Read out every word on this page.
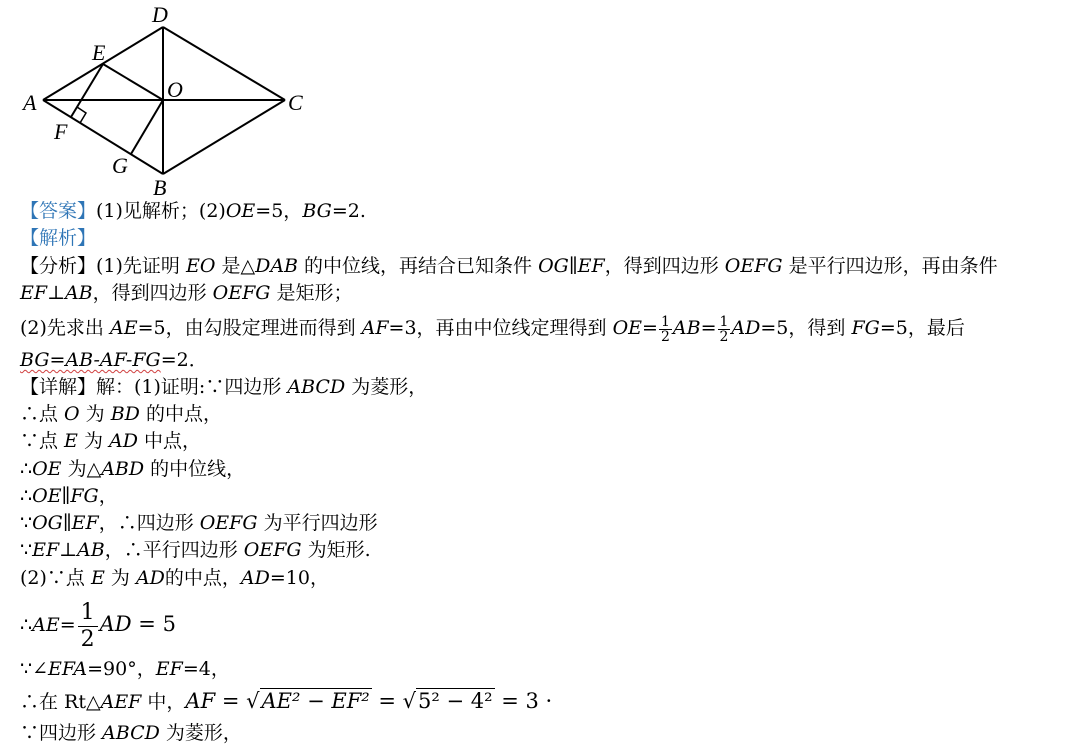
D
E
A
O
C
F
G
B
【答案】(1)见解析；(2)OE=5，BG=2.
【解析】
【分析】(1)先证明 EO 是△DAB 的中位线，再结合已知条件 OG∥EF，得到四边形 OEFG 是平行四边形，再由条件
EF⊥AB，得到四边形 OEFG 是矩形；
(2)先求出 AE=5，由勾股定理进而得到 AF=3，再由中位线定理得到 $OE= \frac{1}{2} AB= \frac{1}{2} AD=5$，得到 FG=5，最后
BG=AB-AF-FG=2．
【详解】解：(1)证明:∵四边形 ABCD 为菱形，
∴点 O 为 BD 的中点，
∵点 E 为 AD 中点，
∴OE 为△ABD 的中位线，
∴OE∥FG，
∵OG∥EF，∴四边形 OEFG 为平行四边形
∵EF⊥AB，∴平行四边形 OEFG 为矩形.
(2)∵点 E 为 AD的中点，AD=10，
∴AE= $\frac{1}{2}$ AD = 5
∵∠EFA=90°，EF=4，
∴在 Rt△AEF 中，AF = √AE² − EF² = √5² − 4² = 3 ·
∵四边形 ABCD 为菱形，
